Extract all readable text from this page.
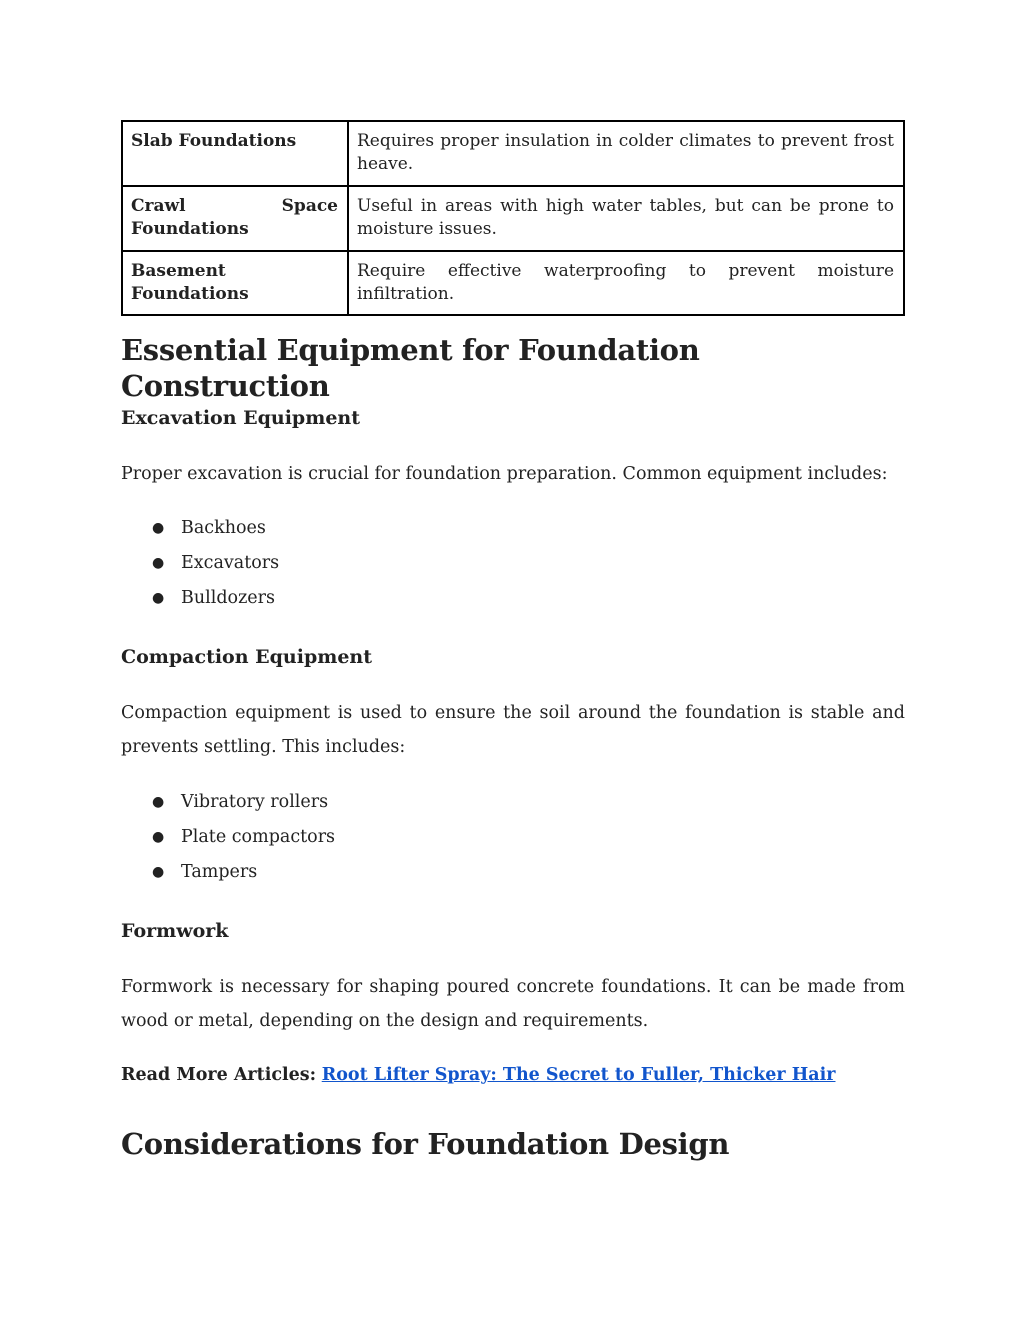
Slab Foundations	Requires proper insulation in colder climates to prevent frost heave.
Crawl Space Foundations	Useful in areas with high water tables, but can be prone to moisture issues.
Basement Foundations	Require effective waterproofing to prevent moisture infiltration.
Essential Equipment for Foundation Construction
Excavation Equipment

Proper excavation is crucial for foundation preparation. Common equipment includes:

● Backhoes
● Excavators
● Bulldozers
Compaction Equipment

Compaction equipment is used to ensure the soil around the foundation is stable and prevents settling. This includes:

● Vibratory rollers
● Plate compactors
● Tampers
Formwork

Formwork is necessary for shaping poured concrete foundations. It can be made from wood or metal, depending on the design and requirements.

Read More Articles: Root Lifter Spray: The Secret to Fuller, Thicker Hair

Considerations for Foundation Design
